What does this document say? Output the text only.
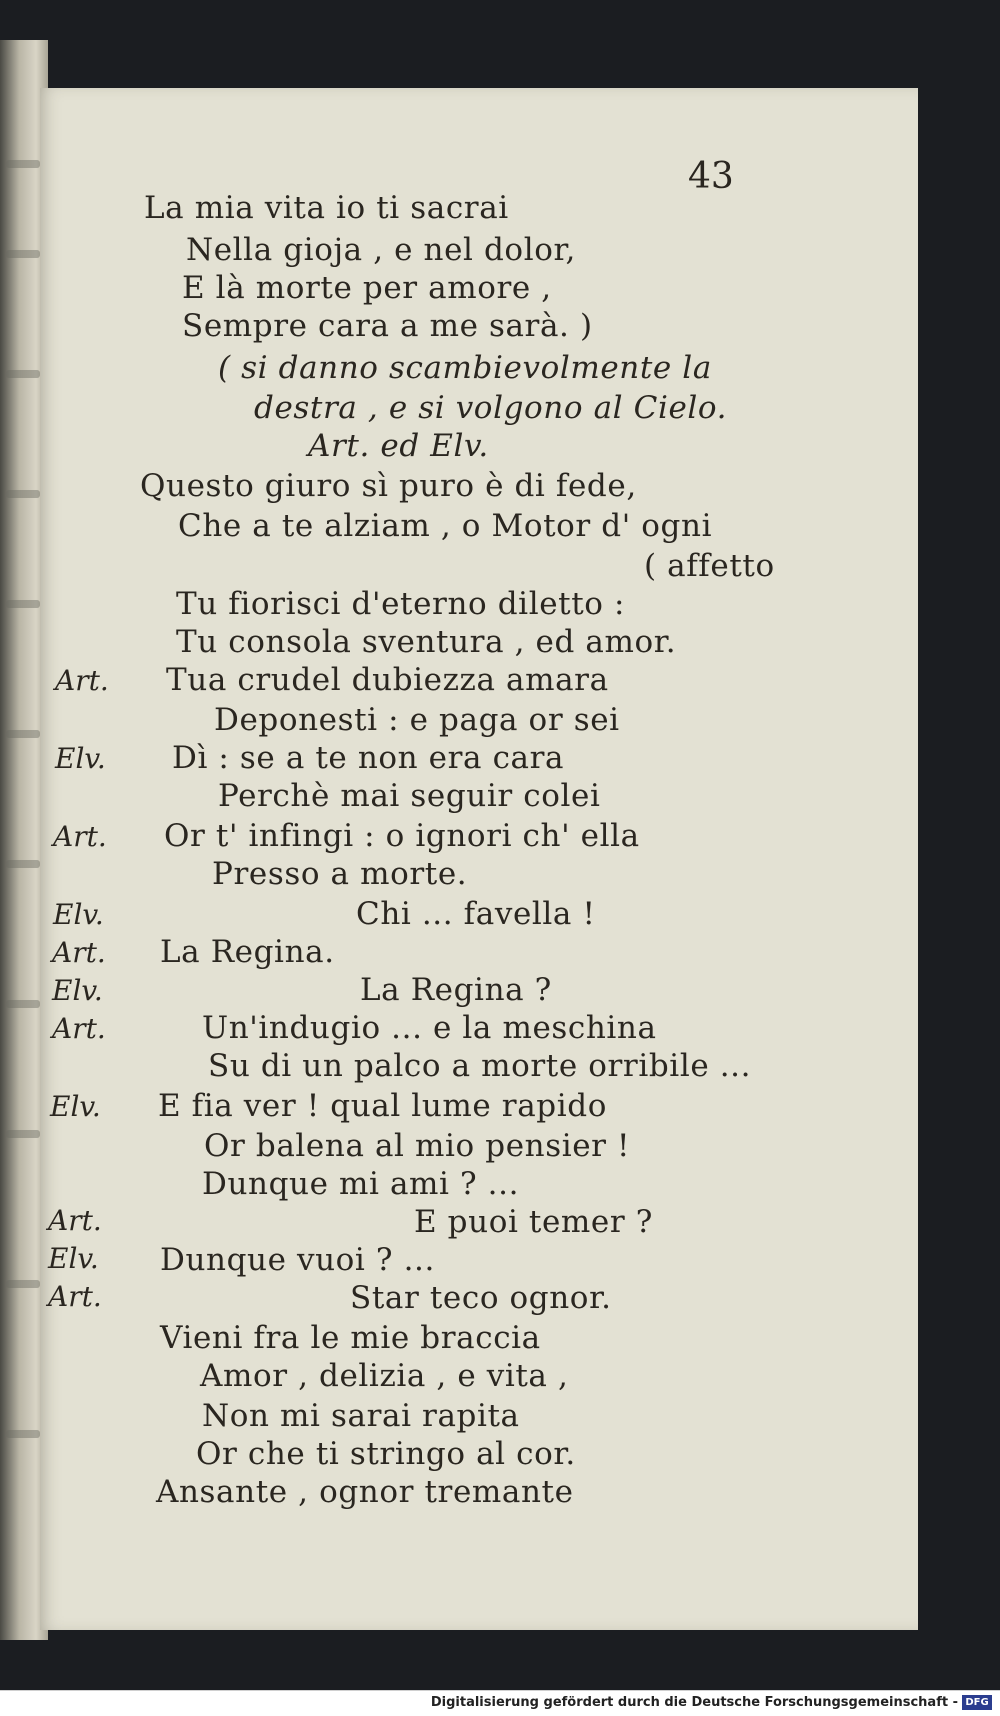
43
La mia vita io ti sacrai
Nella gioja , e nel dolor,
E là morte per amore ,
Sempre cara a me sarà. )
( si danno scambievolmente la
destra , e si volgono al Cielo.
Art. ed Elv.
Questo giuro sì puro è di fede,
Che a te alziam , o Motor d' ogni
( affetto
Tu fiorisci d'eterno diletto :
Tu consola sventura , ed amor.
Tua crudel dubiezza amara
Deponesti : e paga or sei
Dì : se a te non era cara
Perchè mai seguir colei
Or t' infingi : o ignori ch' ella
Presso a morte.
Chi ... favella !
La Regina.
La Regina ?
Un'indugio ... e la meschina
Su di un palco a morte orribile ...
E fia ver ! qual lume rapido
Or balena al mio pensier !
Dunque mi ami ? ...
E puoi temer ?
Dunque vuoi ? ...
Star teco ognor.
Vieni fra le mie braccia
Amor , delizia , e vita ,
Non mi sarai rapita
Or che ti stringo al cor.
Ansante , ognor tremante
Art.
Elv.
Art.
Elv.
Art.
Elv.
Art.
Elv.
Art.
Elv.
Art.
Digitalisierung gefördert durch die Deutsche Forschungsgemeinschaft - DFG
